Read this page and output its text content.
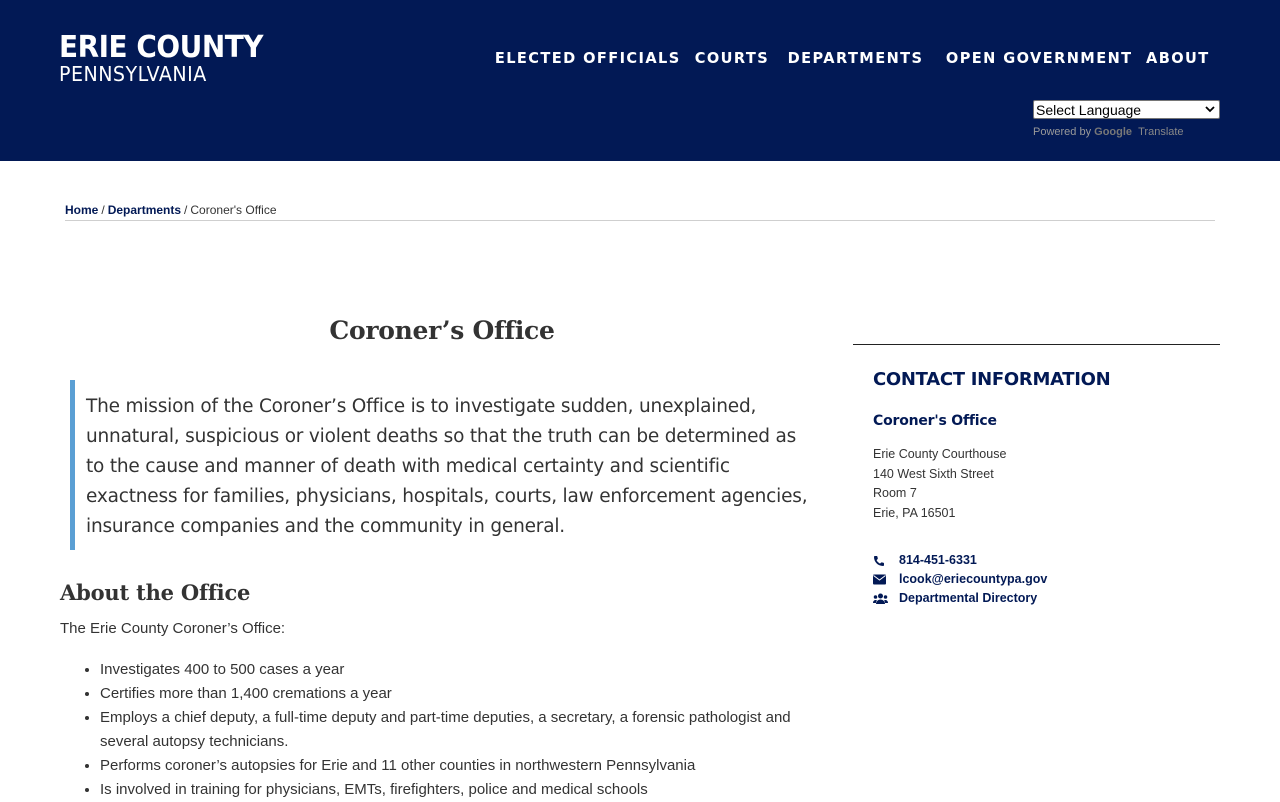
ERIE COUNTY
PENNSYLVANIA
ELECTED OFFICIALS COURTS DEPARTMENTS OPEN GOVERNMENT ABOUT
Select Language
Powered by Google Translate
Home / Departments / Coroner's Office
Coroner’s Office
The mission of the Coroner’s Office is to investigate sudden, unexplained, unnatural, suspicious or violent deaths so that the truth can be determined as to the cause and manner of death with medical certainty and scientific exactness for families, physicians, hospitals, courts, law enforcement agencies, insurance companies and the community in general.
About the Office

The Erie County Coroner’s Office:

• Investigates 400 to 500 cases a year
• Certifies more than 1,400 cremations a year
• Employs a chief deputy, a full-time deputy and part-time deputies, a secretary, a forensic pathologist and several autopsy technicians.
• Performs coroner’s autopsies for Erie and 11 other counties in northwestern Pennsylvania
• Is involved in training for physicians, EMTs, firefighters, police and medical schools
CONTACT INFORMATION
Coroner's Office
Erie County Courthouse
140 West Sixth Street
Room 7
Erie, PA 16501
814-451-6331
lcook@eriecountypa.gov
Departmental Directory
